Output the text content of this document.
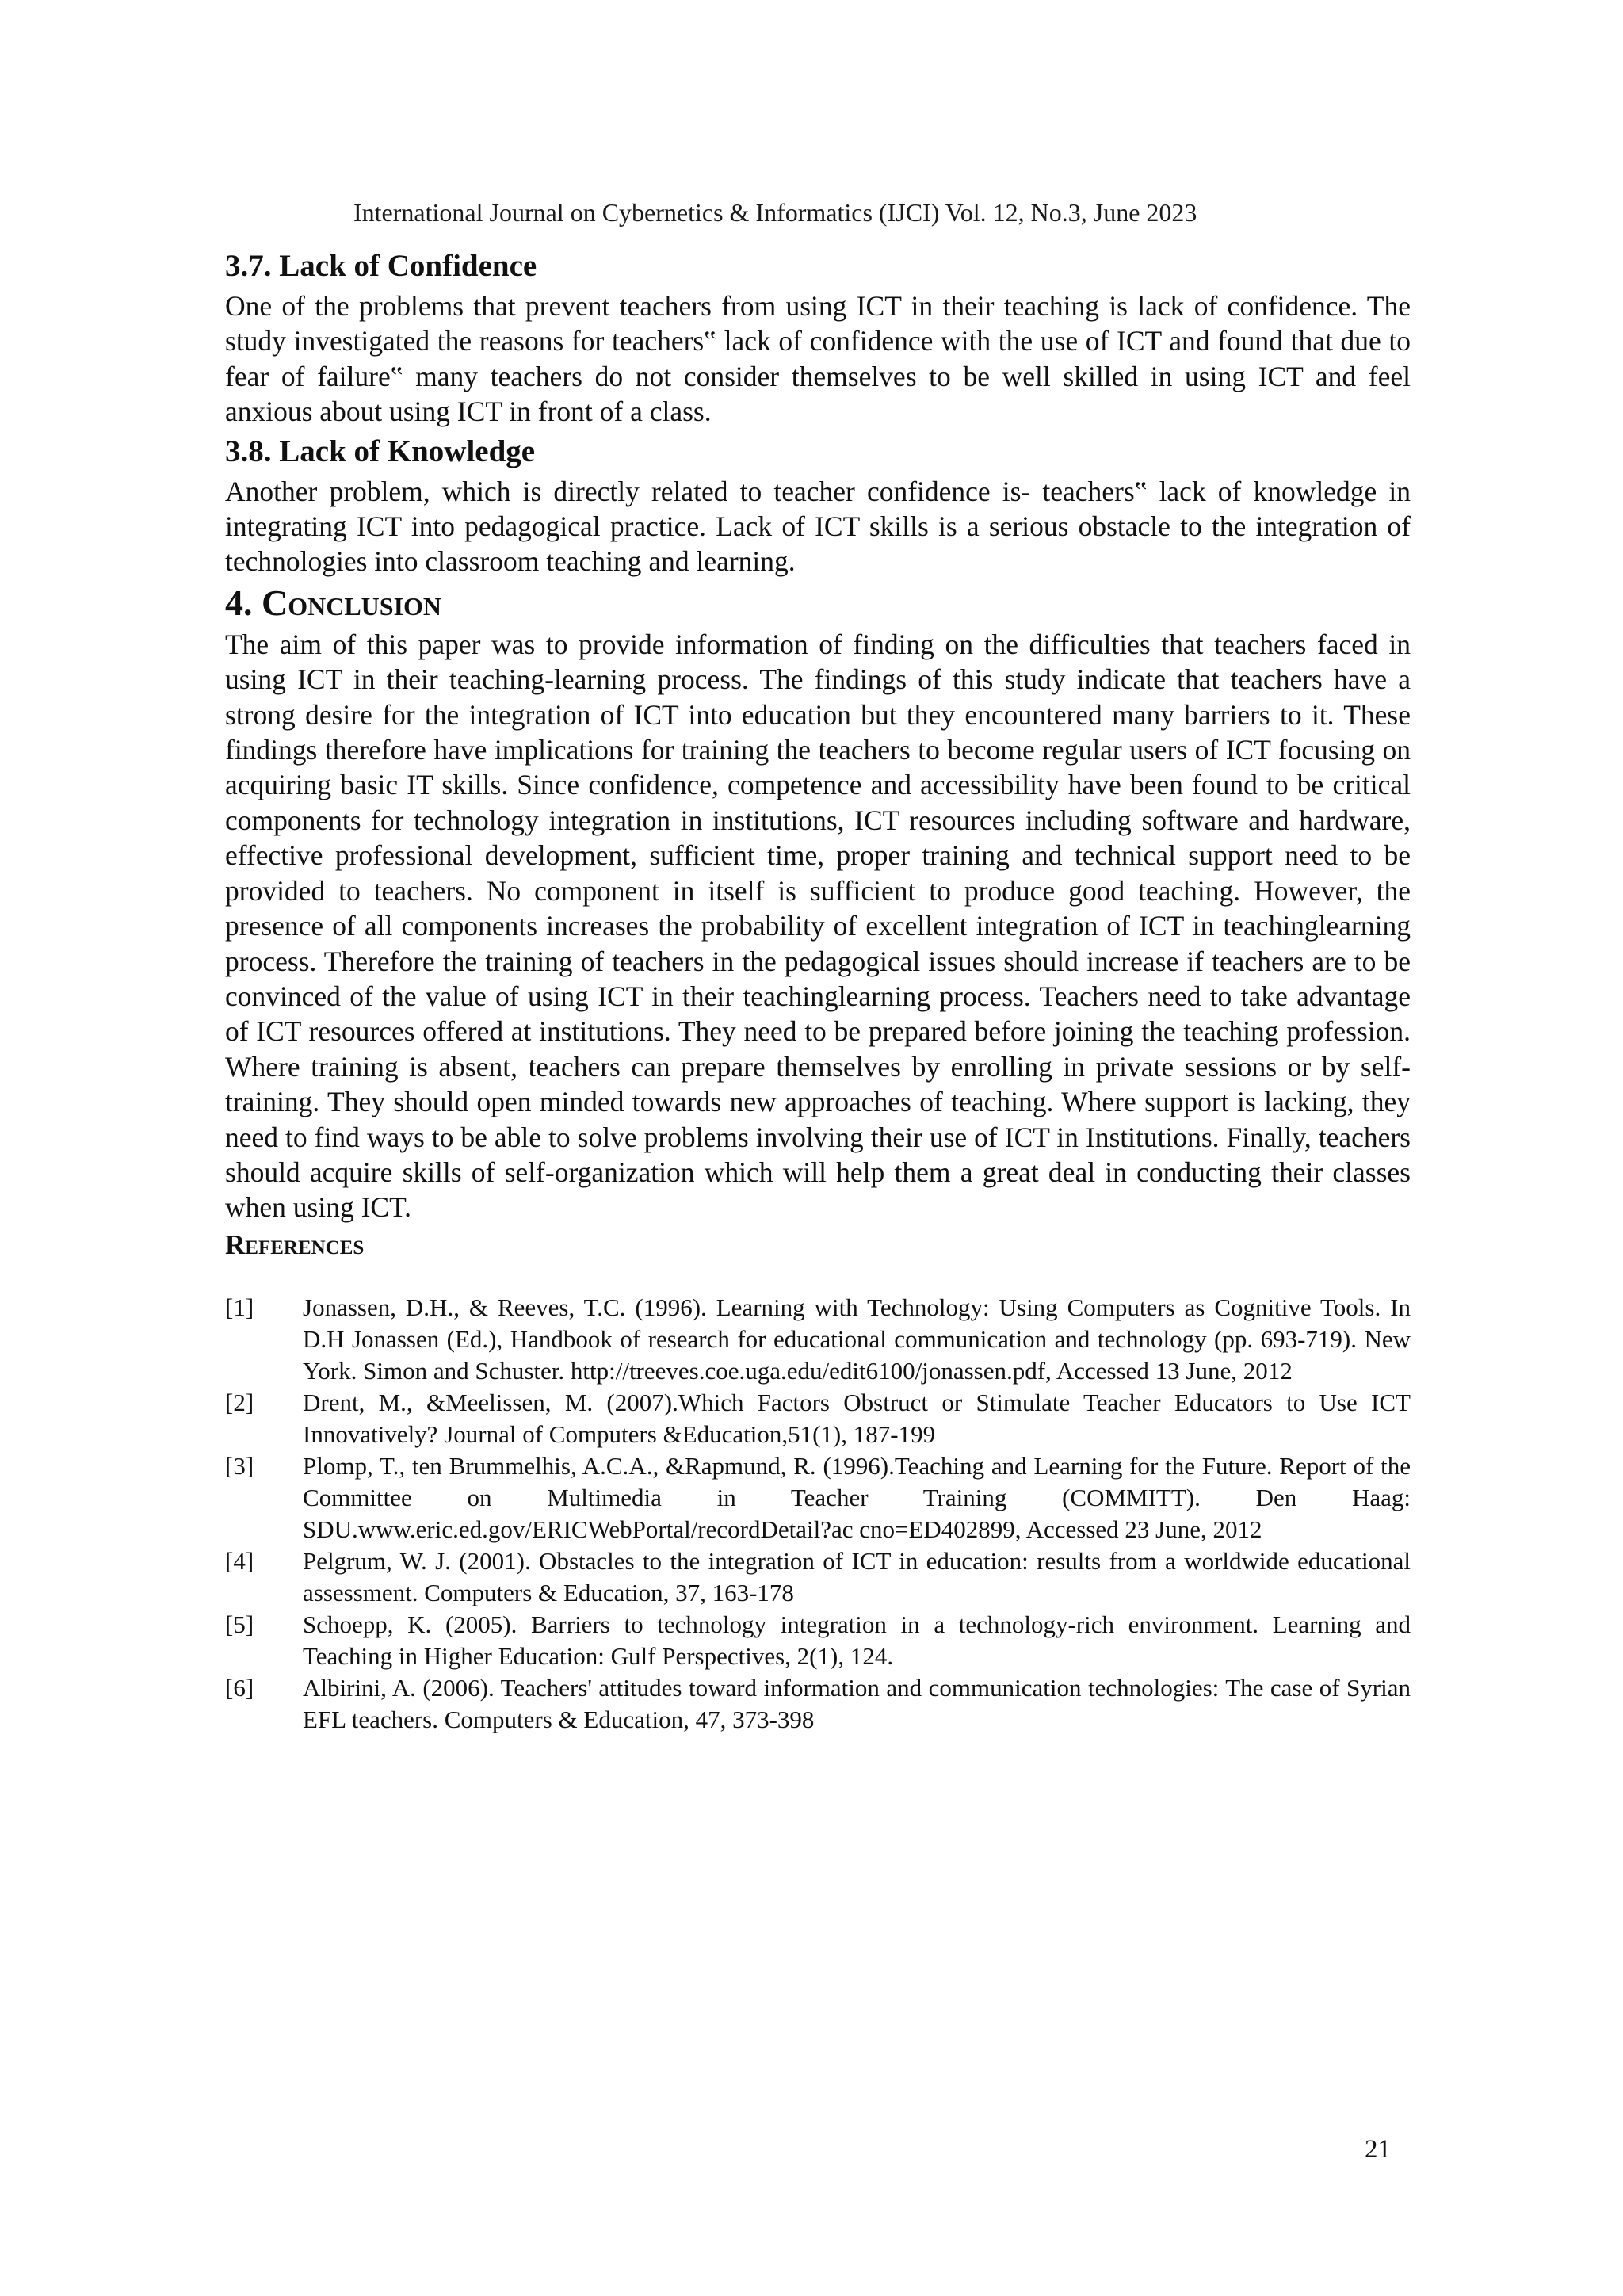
International Journal on Cybernetics & Informatics (IJCI) Vol. 12, No.3, June 2023
3.7. Lack of Confidence

One of the problems that prevent teachers from using ICT in their teaching is lack of confidence. The study investigated the reasons for teachers‟ lack of confidence with the use of ICT and found that due to fear of failure‟ many teachers do not consider themselves to be well skilled in using ICT and feel anxious about using ICT in front of a class.

3.8. Lack of Knowledge

Another problem, which is directly related to teacher confidence is- teachers‟ lack of knowledge in integrating ICT into pedagogical practice. Lack of ICT skills is a serious obstacle to the integration of technologies into classroom teaching and learning.

4. Conclusion

The aim of this paper was to provide information of finding on the difficulties that teachers faced in using ICT in their teaching-learning process. The findings of this study indicate that teachers have a strong desire for the integration of ICT into education but they encountered many barriers to it. These findings therefore have implications for training the teachers to become regular users of ICT focusing on acquiring basic IT skills. Since confidence, competence and accessibility have been found to be critical components for technology integration in institutions, ICT resources including software and hardware, effective professional development, sufficient time, proper training and technical support need to be provided to teachers. No component in itself is sufficient to produce good teaching. However, the presence of all components increases the probability of excellent integration of ICT in teachinglearning process. Therefore the training of teachers in the pedagogical issues should increase if teachers are to be convinced of the value of using ICT in their teachinglearning process. Teachers need to take advantage of ICT resources offered at institutions. They need to be prepared before joining the teaching profession. Where training is absent, teachers can prepare themselves by enrolling in private sessions or by self-training. They should open minded towards new approaches of teaching. Where support is lacking, they need to find ways to be able to solve problems involving their use of ICT in Institutions. Finally, teachers should acquire skills of self-organization which will help them a great deal in conducting their classes when using ICT.

References
[1]	Jonassen, D.H., & Reeves, T.C. (1996). Learning with Technology: Using Computers as Cognitive Tools. In D.H Jonassen (Ed.), Handbook of research for educational communication and technology (pp. 693-719). New York. Simon and Schuster. http://treeves.coe.uga.edu/edit6100/jonassen.pdf, Accessed 13 June, 2012
[2]	Drent, M., &Meelissen, M. (2007).Which Factors Obstruct or Stimulate Teacher Educators to Use ICT Innovatively? Journal of Computers &Education,51(1), 187-199
[3]	Plomp, T., ten Brummelhis, A.C.A., &Rapmund, R. (1996).Teaching and Learning for the Future. Report of the Committee on Multimedia in Teacher Training (COMMITT). Den Haag: SDU.www.eric.ed.gov/ERICWebPortal/recordDetail?ac cno=ED402899, Accessed 23 June, 2012
[4]	Pelgrum, W. J. (2001). Obstacles to the integration of ICT in education: results from a worldwide educational assessment. Computers & Education, 37, 163-178
[5]	Schoepp, K. (2005). Barriers to technology integration in a technology-rich environment. Learning and Teaching in Higher Education: Gulf Perspectives, 2(1), 124.
[6]	Albirini, A. (2006). Teachers' attitudes toward information and communication technologies: The case of Syrian EFL teachers. Computers & Education, 47, 373-398
21
